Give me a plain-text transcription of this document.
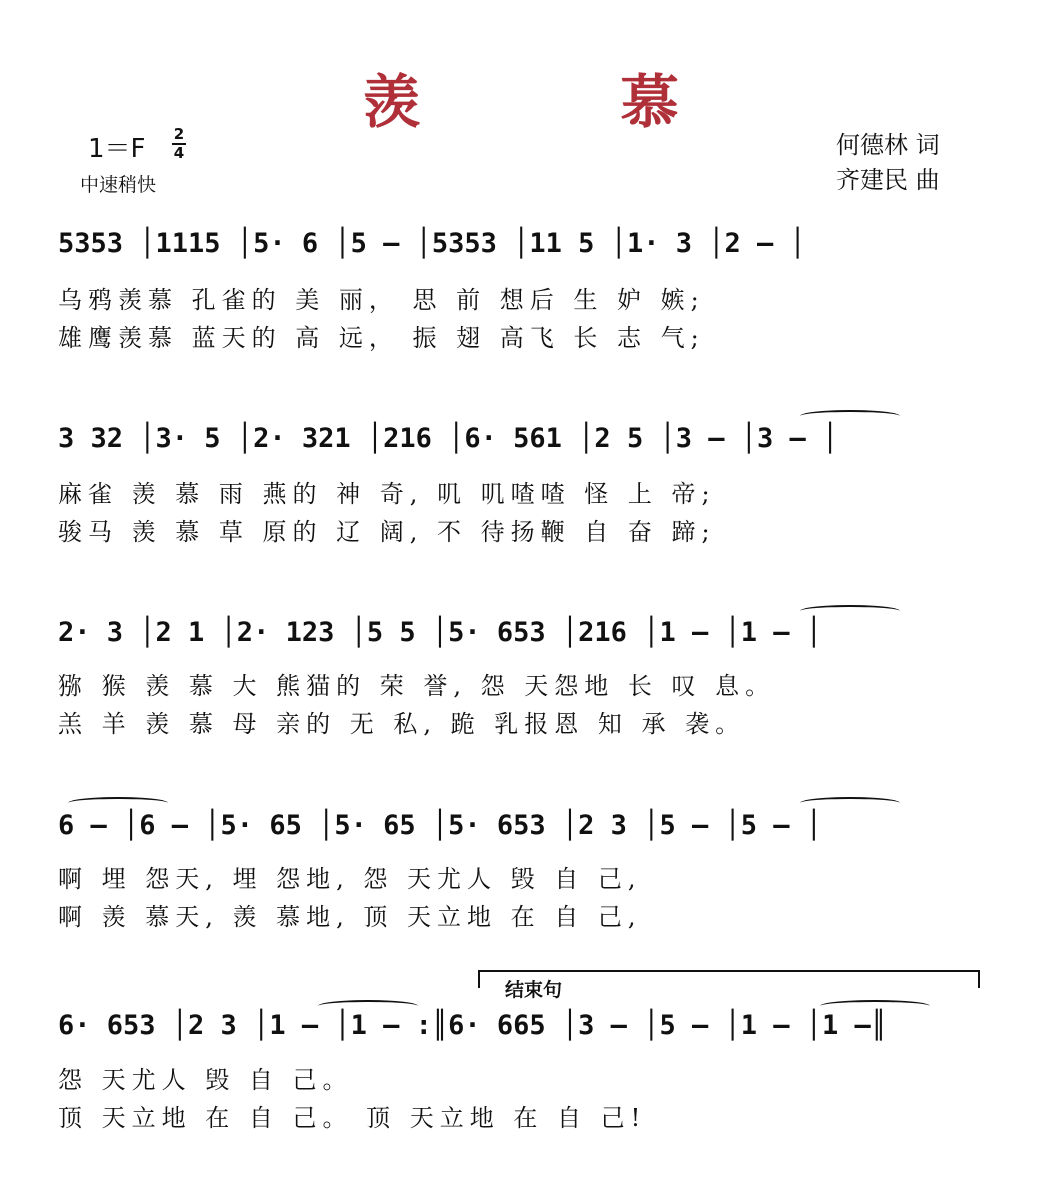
羡 慕
1＝F 2
4
中速稍快
何德林 词
齐建民 曲
5353 │1115 │5· 6 │5 — │5353 │11 5 │1· 3 │2 — │
乌鸦羡慕 孔雀的 美 丽， 思 前 想后 生 妒 嫉;
雄鹰羡慕 蓝天的 高 远， 振 翅 高飞 长 志 气;
3 32 │3· 5 │2· 321 │216 │6· 561 │2 5 │3 — │3 — │
麻雀 羡 慕 雨 燕的 神 奇, 叽 叽喳喳 怪 上 帝;
骏马 羡 慕 草 原的 辽 阔, 不 待扬鞭 自 奋 蹄;
2· 3 │2 1 │2· 123 │5 5 │5· 653 │216 │1 — │1 — │
猕 猴 羡 慕 大 熊猫的 荣 誉, 怨 天怨地 长 叹 息。
羔 羊 羡 慕 母 亲的 无 私, 跪 乳报恩 知 承 袭。
6 — │6 — │5· 65 │5· 65 │5· 653 │2 3 │5 — │5 — │
啊 埋 怨天, 埋 怨地, 怨 天尤人 毁 自 己,
啊 羡 慕天, 羡 慕地, 顶 天立地 在 自 己,
结束句
6· 653 │2 3 │1 — │1 — :║6· 665 │3 — │5 — │1 — │1 —║
怨 天尤人 毁 自 己。
顶 天立地 在 自 己。 顶 天立地 在 自 己!
